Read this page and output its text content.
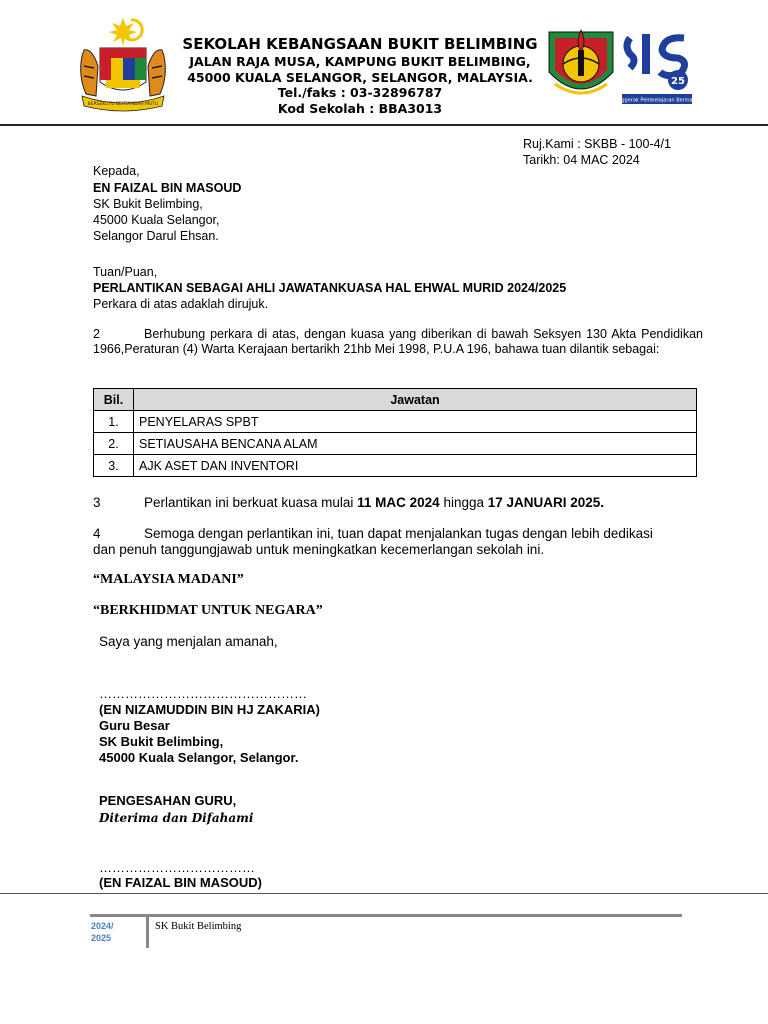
BERSEKUTU BERTAMBAH MUTU
25
Penggerak Pembelajaran Bermakna
SEKOLAH KEBANGSAAN BUKIT BELIMBING
JALAN RAJA MUSA, KAMPUNG BUKIT BELIMBING,
45000 KUALA SELANGOR, SELANGOR, MALAYSIA.
Tel./faks : 03-32896787
Kod Sekolah : BBA3013
Ruj.Kami : SKBB - 100-4/1
Tarikh: 04 MAC 2024
Kepada,
EN FAIZAL BIN MASOUD
SK Bukit Belimbing,
45000 Kuala Selangor,
Selangor Darul Ehsan.
Tuan/Puan,
PERLANTIKAN SEBAGAI AHLI JAWATANKUASA HAL EHWAL MURID 2024/2025
Perkara di atas adaklah dirujuk.
2	Berhubung perkara di atas, dengan kuasa yang diberikan di bawah Seksyen 130 Akta Pendidikan 1966,Peraturan (4) Warta Kerajaan bertarikh 21hb Mei 1998, P.U.A 196, bahawa tuan dilantik sebagai:
Bil.	Jawatan
1.	PENYELARAS SPBT
2.	SETIAUSAHA BENCANA ALAM
3.	AJK ASET DAN INVENTORI
3	Perlantikan ini berkuat kuasa mulai 11 MAC 2024 hingga 17 JANUARI 2025.
4	Semoga dengan perlantikan ini, tuan dapat menjalankan tugas dengan lebih dedikasi dan penuh tanggungjawab untuk meningkatkan kecemerlangan sekolah ini.
“MALAYSIA MADANI”
“BERKHIDMAT UNTUK NEGARA”
Saya yang menjalan amanah,
…………………………………………
(EN NIZAMUDDIN BIN HJ ZAKARIA)
Guru Besar
SK Bukit Belimbing,
45000 Kuala Selangor, Selangor.
PENGESAHAN GURU,
Diterima dan Difahami
………………………………
(EN FAIZAL BIN MASOUD)
2024/
2025
SK Bukit Belimbing
